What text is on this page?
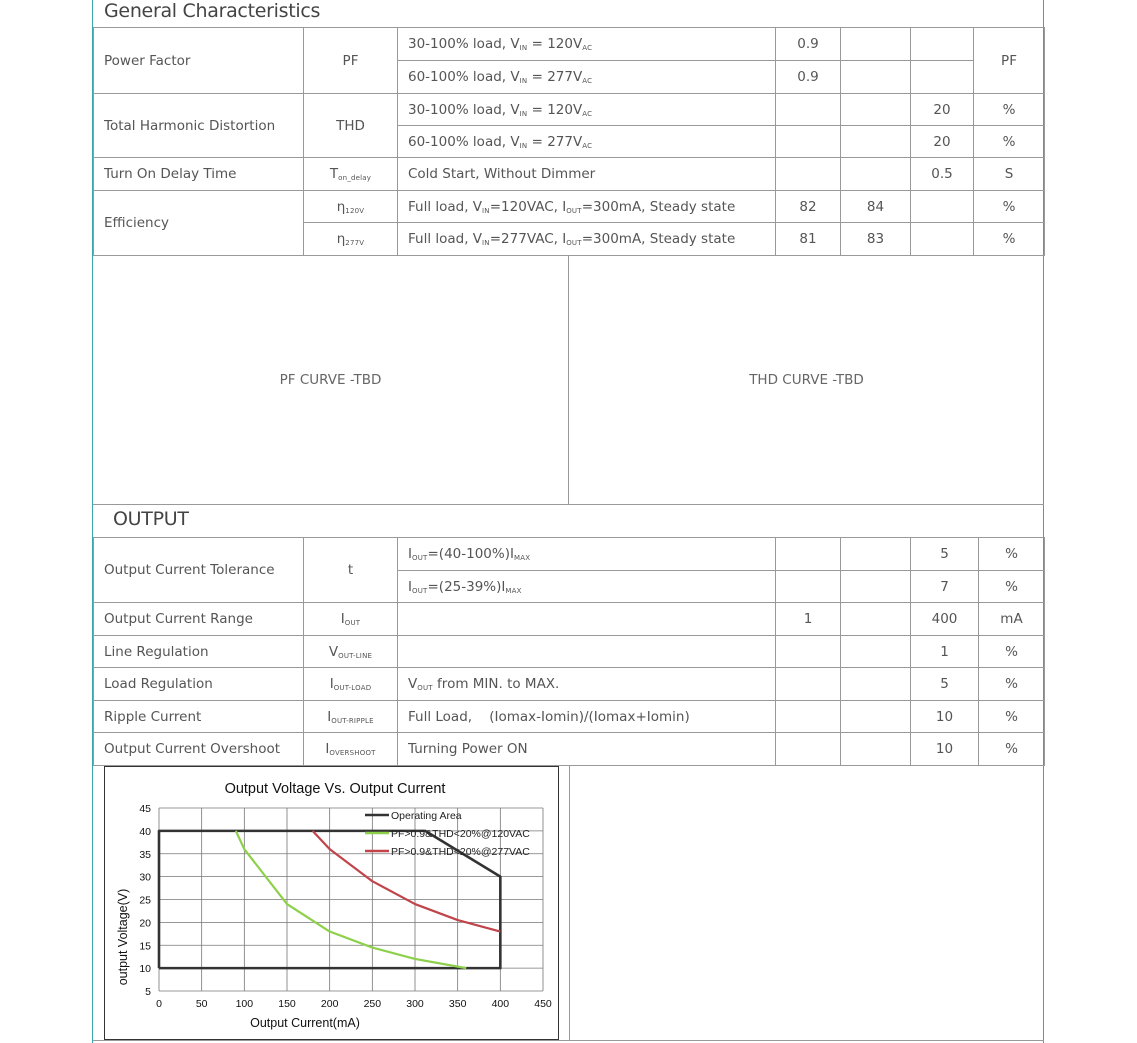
General Characteristics
Power Factor	PF	30-100% load, $V_{IN} = 120V_{AC}$	0.9			PF
		60-100% load, $V_{IN} = 277V_{AC}$	0.9			
Total Harmonic Distortion	THD	30-100% load, $V_{IN} = 120V_{AC}$			20	%
		60-100% load, $V_{IN} = 277V_{AC}$			20	%
Turn On Delay Time	$T_{on\_delay}$	Cold Start, Without Dimmer			0.5	S
Efficiency	$\eta_{120V}$	Full load, $V_{IN}=120VAC$, $I_{OUT}=300mA$, Steady state	82	84		%
	$\eta_{277V}$	Full load, $V_{IN}=277VAC$, $I_{OUT}=300mA$, Steady state	81	83		%
PF CURVE -TBD	THD CURVE -TBD
OUTPUT
Output Current Tolerance	t	$I_{OUT}=(40-100\%)I_{MAX}$			5	%
		$I_{OUT}=(25-39\%)I_{MAX}$			7	%
Output Current Range	$I_{OUT}$		1		400	mA
Line Regulation	$V_{OUT-LINE}$				1	%
Load Regulation	$I_{OUT-LOAD}$	$V_{OUT}$ from MIN. to MAX.			5	%
Ripple Current	$I_{OUT-RIPPLE}$	Full Load,    (Iomax-Iomin)/(Iomax+Iomin)			10	%
Output Current Overshoot	$I_{OVERSHOOT}$	Turning Power ON			10	%
Output Voltage Vs. Output Current
0	50	100 150 200 250 300 350 400 450
5
10
15
20
25
30
35
40
45
Operating Area
PF>0.9&THD<20%@120VAC
PF>0.9&THD<20%@277VAC
Output Current(mA)
output Voltage(V)
